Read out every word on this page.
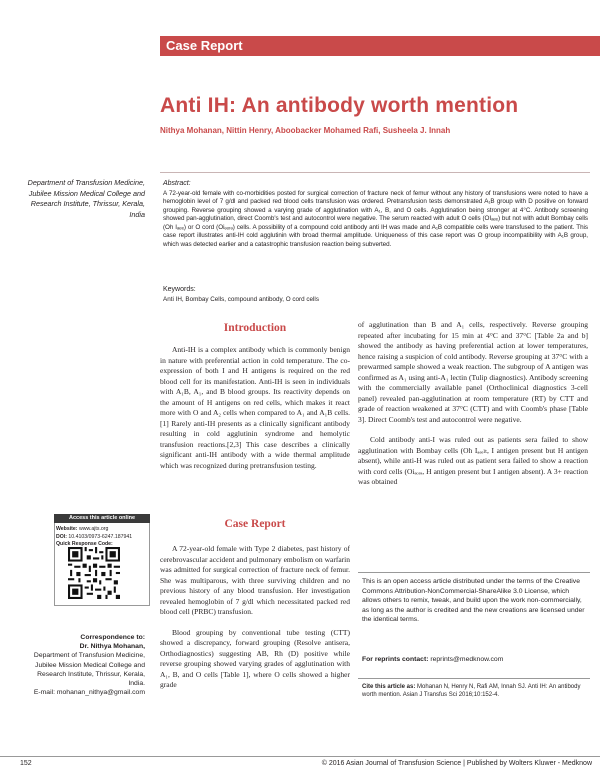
Case Report
Anti IH: An antibody worth mention
Nithya Mohanan, Nittin Henry, Aboobacker Mohamed Rafi, Susheela J. Innah
Department of Transfusion Medicine, Jubilee Mission Medical College and Research Institute, Thrissur, Kerala, India
Abstract:
A 72-year-old female with co-morbidities posted for surgical correction of fracture neck of femur without any history of transfusions were noted to have a hemoglobin level of 7 g/dl and packed red blood cells transfusion was ordered. Pretransfusion tests demonstrated A₁B group with D positive on forward grouping. Reverse grouping showed a varying grade of agglutination with A₁, B, and O cells. Agglutination being stronger at 4°C. Antibody screening showed pan-agglutination, direct Coomb's test and autocontrol were negative. The serum reacted with adult O cells (OIₐₑₑ) but not with adult Bombay cells (Oh Iₐₑₑ) or O cord (Oiₔₒᵣₔ) cells. A possibility of a compound cold antibody anti IH was made and A₁B compatible cells were transfused to the patient. This case report illustrates anti-IH cold agglutinin with broad thermal amplitude. Uniqueness of this case report was O group incompatibility with A₁B group, which was detected earlier and a catastrophic transfusion reaction being subverted.
Keywords:
Anti IH, Bombay Cells, compound antibody, O cord cells
Introduction

Anti-IH is a complex antibody which is commonly benign in nature with preferential action in cold temperature. The co-expression of both I and H antigens is required on the red blood cell for its manifestation. Anti-IH is seen in individuals with A₁B, A₁, and B blood groups. Its reactivity depends on the amount of H antigens on red cells, which makes it react more with O and A₂ cells when compared to A₁ and A₁B cells.[1] Rarely anti-IH presents as a clinically significant antibody resulting in cold agglutinin syndrome and hemolytic transfusion reactions.[2,3] This case describes a clinically significant anti-IH antibody with a wide thermal amplitude which was recognized during pretransfusion testing.

Case Report

A 72-year-old female with Type 2 diabetes, past history of cerebrovascular accident and pulmonary embolism on warfarin was admitted for surgical correction of fracture neck of femur. She was multiparous, with three surviving children and no previous history of any blood transfusion. Her investigation revealed hemoglobin of 7 g/dl which necessitated packed red blood cell (PRBC) transfusion.

Blood grouping by conventional tube testing (CTT) showed a discrepancy, forward grouping (Resolve antisera, Orthodiagnostics) suggesting AB, Rh (D) positive while reverse grouping showed varying grades of agglutination with A₁, B, and O cells [Table 1], where O cells showed a higher grade

of agglutination than B and A₁ cells, respectively. Reverse grouping repeated after incubating for 15 min at 4°C and 37°C [Table 2a and b] showed the antibody as having preferential action at lower temperatures, hence raising a suspicion of cold antibody. Reverse grouping at 37°C with a prewarmed sample showed a weak reaction. The subgroup of A antigen was confirmed as A₁ using anti-A₁ lectin (Tulip diagnostics). Antibody screening with the commercially available panel (Orthoclinical diagnostics 3-cell panel) revealed pan-agglutination at room temperature (RT) by CTT and grade of reaction weakened at 37°C (CTT) and with Coomb's phase [Table 3]. Direct Coomb's test and autocontrol were negative.

Cold antibody anti-I was ruled out as patients sera failed to show agglutination with Bombay cells (Oh Iₐₑₑₗₜ, I antigen present but H antigen absent), while anti-H was ruled out as patient sera failed to show a reaction with cord cells (Oiₔₒᵣₔ, H antigen present but I antigen absent). A 3+ reaction was obtained

Access this article online
Website: www.ajts.org
DOI: 10.4103/0973-6247.187941
Quick Response Code:
Correspondence to:
Dr. Nithya Mohanan,
Department of Transfusion Medicine, Jubilee Mission Medical College and Research Institute, Thrissur, Kerala, India.
E-mail: mohanan_nithya@gmail.com
This is an open access article distributed under the terms of the Creative Commons Attribution-NonCommercial-ShareAlike 3.0 License, which allows others to remix, tweak, and build upon the work non-commercially, as long as the author is credited and the new creations are licensed under the identical terms.
For reprints contact: reprints@medknow.com
Cite this article as: Mohanan N, Henry N, Rafi AM, Innah SJ. Anti IH: An antibody worth mention. Asian J Transfus Sci 2016;10:152-4.
152	© 2016 Asian Journal of Transfusion Science | Published by Wolters Kluwer - Medknow
